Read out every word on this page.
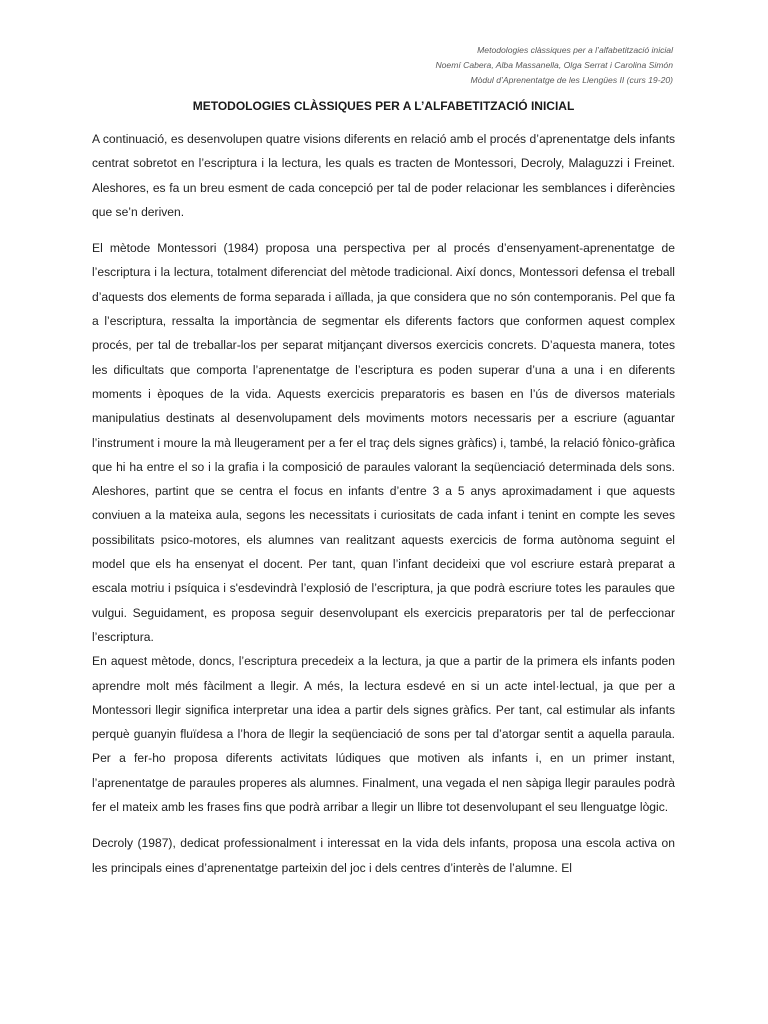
Metodologies clàssiques per a l’alfabetització inicial
Noemí Cabera, Alba Massanella, Olga Serrat i Carolina Simón
Mòdul d’Aprenentatge de les Llengües II (curs 19-20)
METODOLOGIES CLÀSSIQUES PER A L’ALFABETITZACIÓ INICIAL

A continuació, es desenvolupen quatre visions diferents en relació amb el procés d’aprenentatge dels infants centrat sobretot en l’escriptura i la lectura, les quals es tracten de Montessori, Decroly, Malaguzzi i Freinet. Aleshores, es fa un breu esment de cada concepció per tal de poder relacionar les semblances i diferències que se’n deriven.

El mètode Montessori (1984) proposa una perspectiva per al procés d’ensenyament-aprenentatge de l’escriptura i la lectura, totalment diferenciat del mètode tradicional. Així doncs, Montessori defensa el treball d’aquests dos elements de forma separada i aïllada, ja que considera que no són contemporanis. Pel que fa a l’escriptura, ressalta la importància de segmentar els diferents factors que conformen aquest complex procés, per tal de treballar-los per separat mitjançant diversos exercicis concrets. D’aquesta manera, totes les dificultats que comporta l’aprenentatge de l’escriptura es poden superar d’una a una i en diferents moments i èpoques de la vida. Aquests exercicis preparatoris es basen en l’ús de diversos materials manipulatius destinats al desenvolupament dels moviments motors necessaris per a escriure (aguantar l’instrument i moure la mà lleugerament per a fer el traç dels signes gràfics) i, també, la relació fònico-gràfica que hi ha entre el so i la grafia i la composició de paraules valorant la seqüenciació determinada dels sons. Aleshores, partint que se centra el focus en infants d’entre 3 a 5 anys aproximadament i que aquests conviuen a la mateixa aula, segons les necessitats i curiositats de cada infant i tenint en compte les seves possibilitats psico-motores, els alumnes van realitzant aquests exercicis de forma autònoma seguint el model que els ha ensenyat el docent. Per tant, quan l’infant decideixi que vol escriure estarà preparat a escala motriu i psíquica i s'esdevindrà l’explosió de l’escriptura, ja que podrà escriure totes les paraules que vulgui. Seguidament, es proposa seguir desenvolupant els exercicis preparatoris per tal de perfeccionar l’escriptura.

En aquest mètode, doncs, l’escriptura precedeix a la lectura, ja que a partir de la primera els infants poden aprendre molt més fàcilment a llegir. A més, la lectura esdevé en si un acte intel·lectual, ja que per a Montessori llegir significa interpretar una idea a partir dels signes gràfics. Per tant, cal estimular als infants perquè guanyin fluïdesa a l’hora de llegir la seqüenciació de sons per tal d’atorgar sentit a aquella paraula. Per a fer-ho proposa diferents activitats lúdiques que motiven als infants i, en un primer instant, l’aprenentatge de paraules properes als alumnes. Finalment, una vegada el nen sàpiga llegir paraules podrà fer el mateix amb les frases fins que podrà arribar a llegir un llibre tot desenvolupant el seu llenguatge lògic.

Decroly (1987), dedicat professionalment i interessat en la vida dels infants, proposa una escola activa on les principals eines d’aprenentatge parteixin del joc i dels centres d’interès de l’alumne. El
